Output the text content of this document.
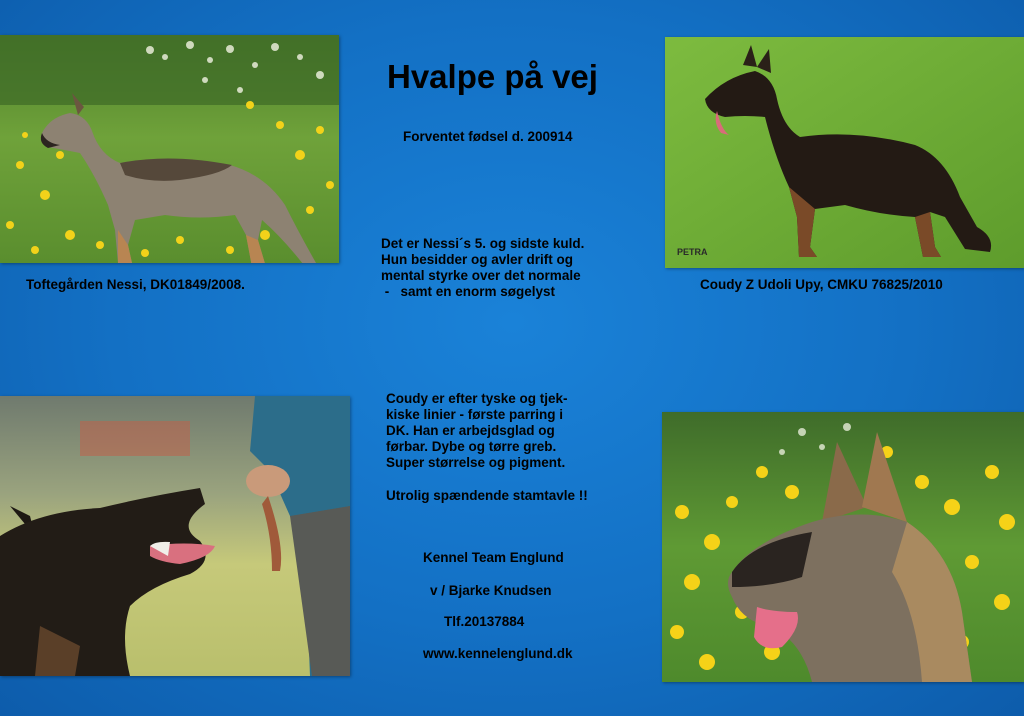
Hvalpe på vej
Forventet fødsel d. 200914
Det er Nessi´s 5. og sidste kuld.
Hun besidder og avler drift og
mental styrke over det normale
-   samt en enorm søgelyst
Coudy er efter tyske og tjek-
kiske linier - første parring i
DK. Han er arbejdsglad og
førbar. Dybe og tørre greb.
Super størrelse og pigment.
Utrolig spændende stamtavle !!
Kennel Team Englund
v / Bjarke Knudsen
Tlf.20137884
www.kennelenglund.dk
Toftegården Nessi, DK01849/2008.	Coudy Z Udoli Upy, CMKU 76825/2010
PETRA
